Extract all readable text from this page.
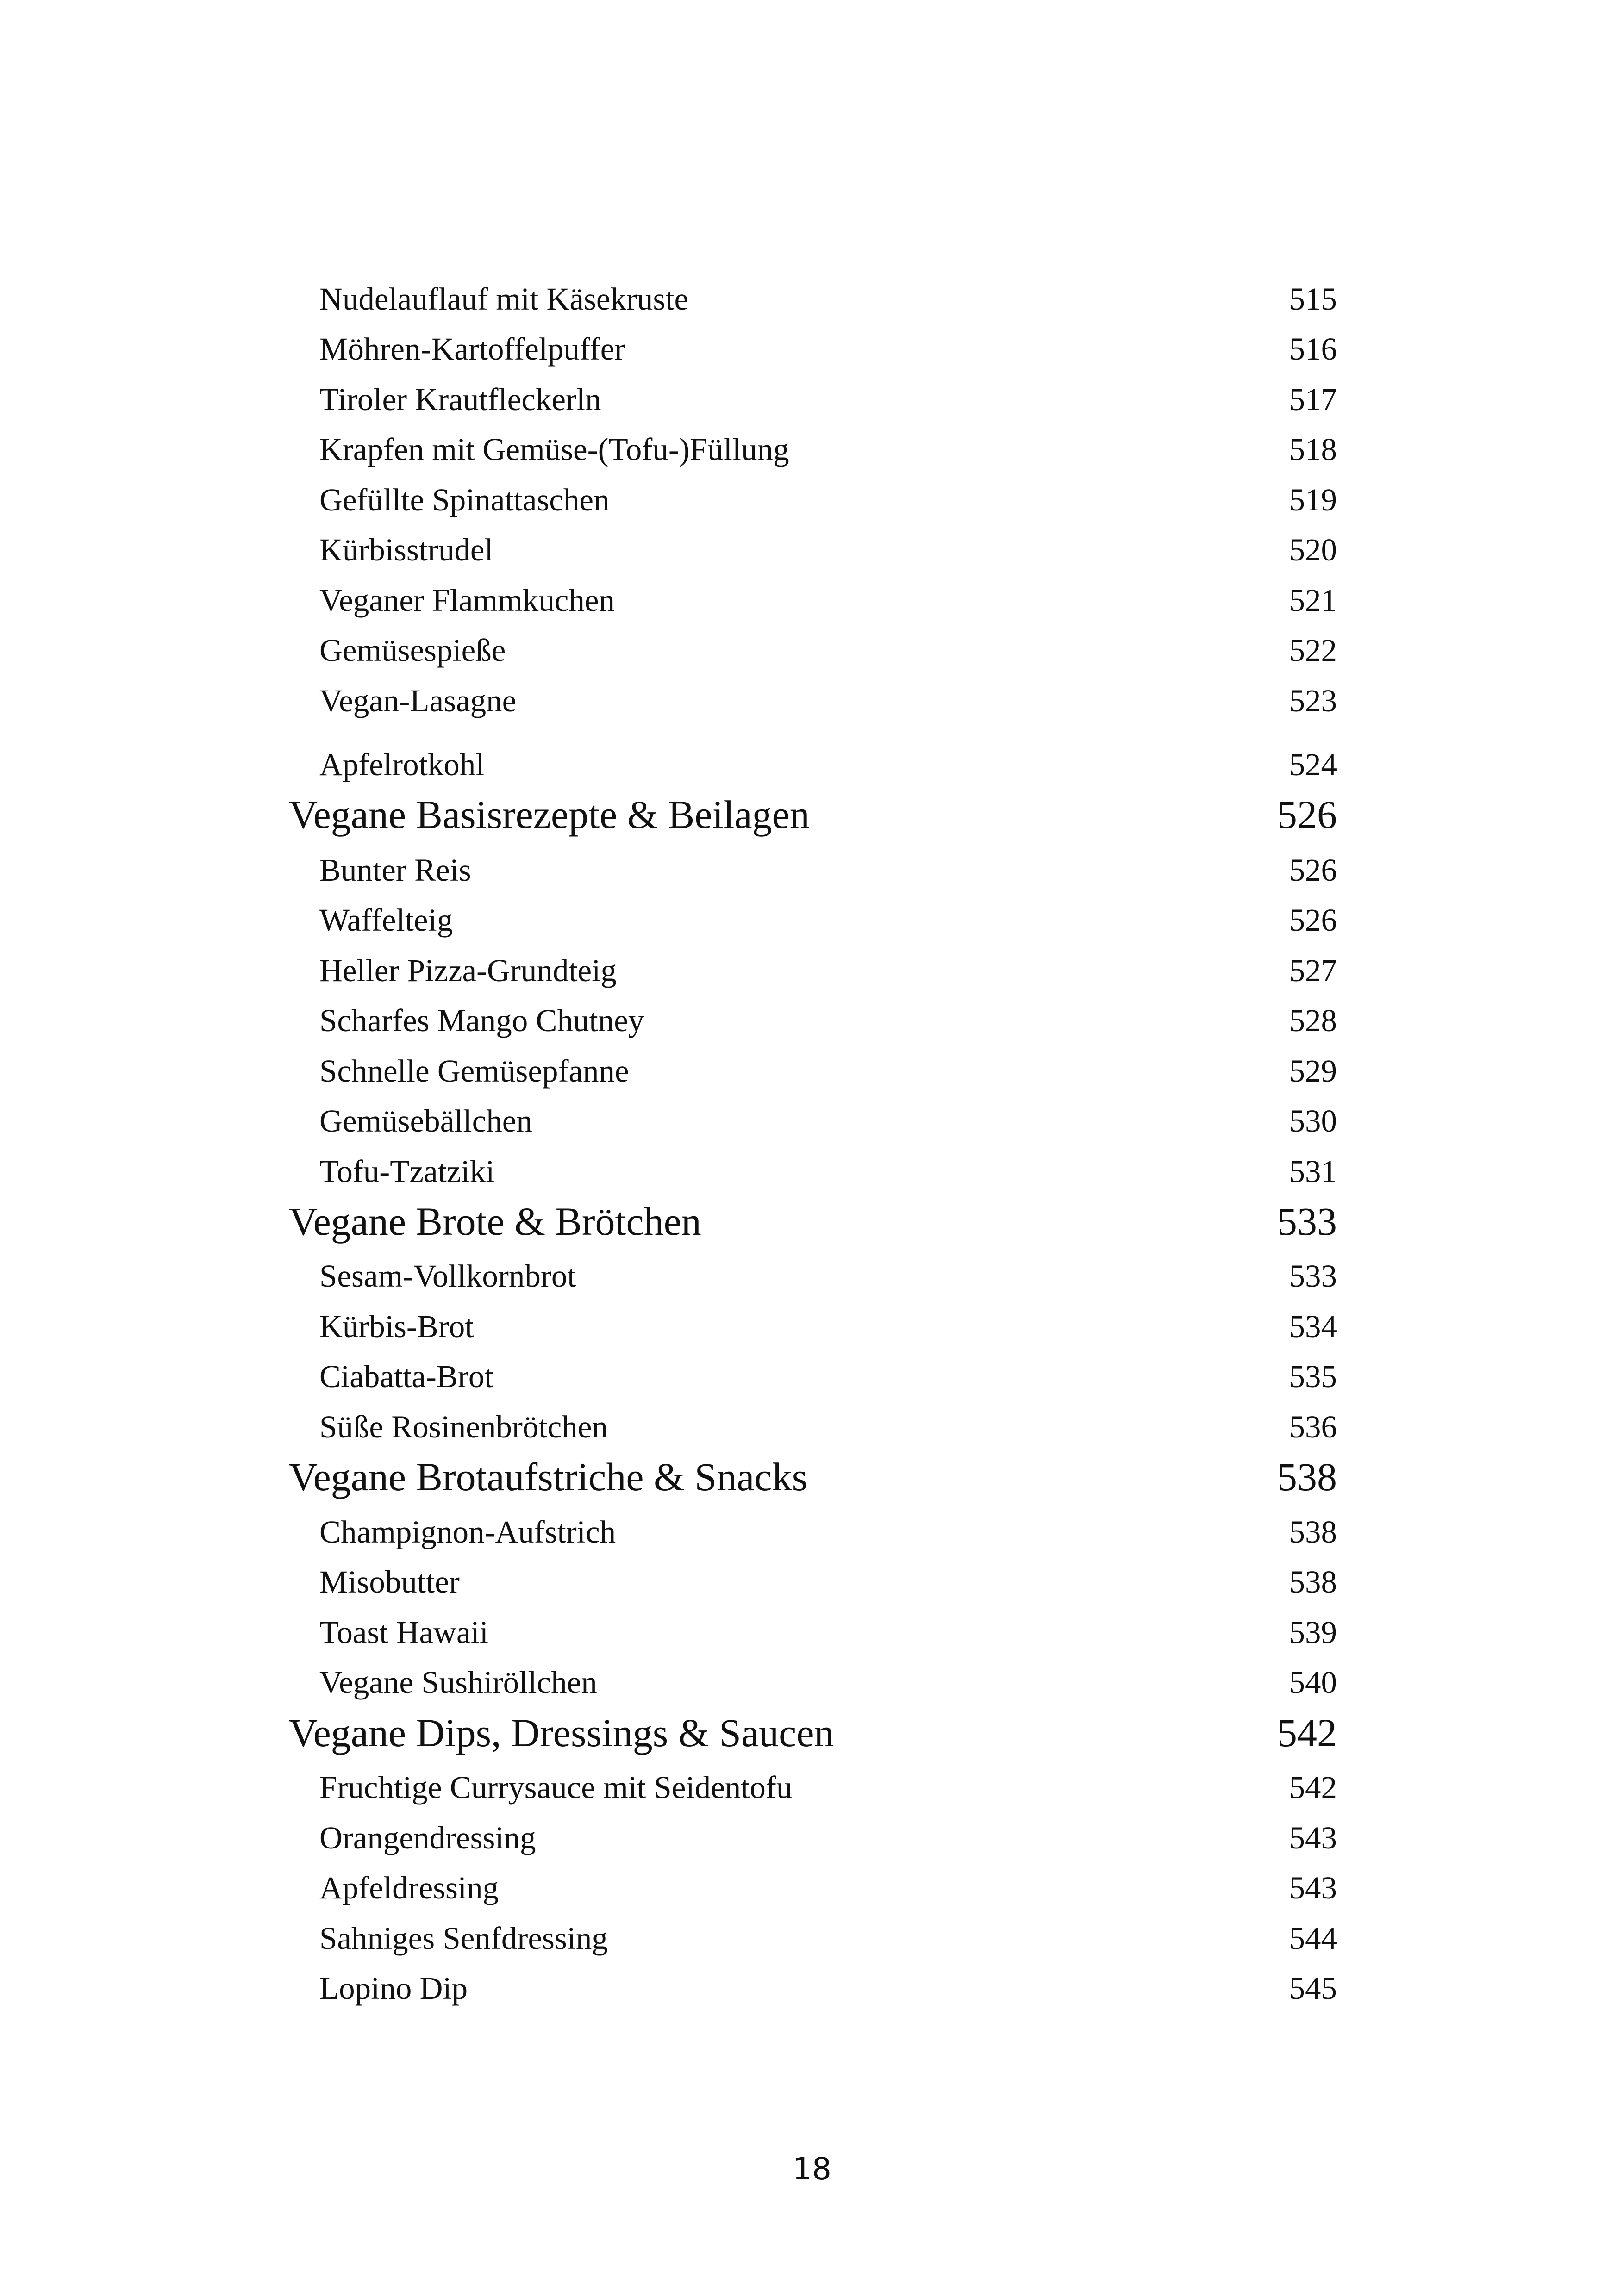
Nudelauflauf mit Käsekruste	515
Möhren-Kartoffelpuffer	516
Tiroler Krautfleckerln	517
Krapfen mit Gemüse-(Tofu-)Füllung	518
Gefüllte Spinattaschen	519
Kürbisstrudel	520
Veganer Flammkuchen	521
Gemüsespieße	522
Vegan-Lasagne	523
Apfelrotkohl	524
Vegane Basisrezepte & Beilagen	526
Bunter Reis	526
Waffelteig	526
Heller Pizza-Grundteig	527
Scharfes Mango Chutney	528
Schnelle Gemüsepfanne	529
Gemüsebällchen	530
Tofu-Tzatziki	531
Vegane Brote & Brötchen	533
Sesam-Vollkornbrot	533
Kürbis-Brot	534
Ciabatta-Brot	535
Süße Rosinenbrötchen	536
Vegane Brotaufstriche & Snacks	538
Champignon-Aufstrich	538
Misobutter	538
Toast Hawaii	539
Vegane Sushiröllchen	540
Vegane Dips, Dressings & Saucen	542
Fruchtige Currysauce mit Seidentofu	542
Orangendressing	543
Apfeldressing	543
Sahniges Senfdressing	544
Lopino Dip	545
18
